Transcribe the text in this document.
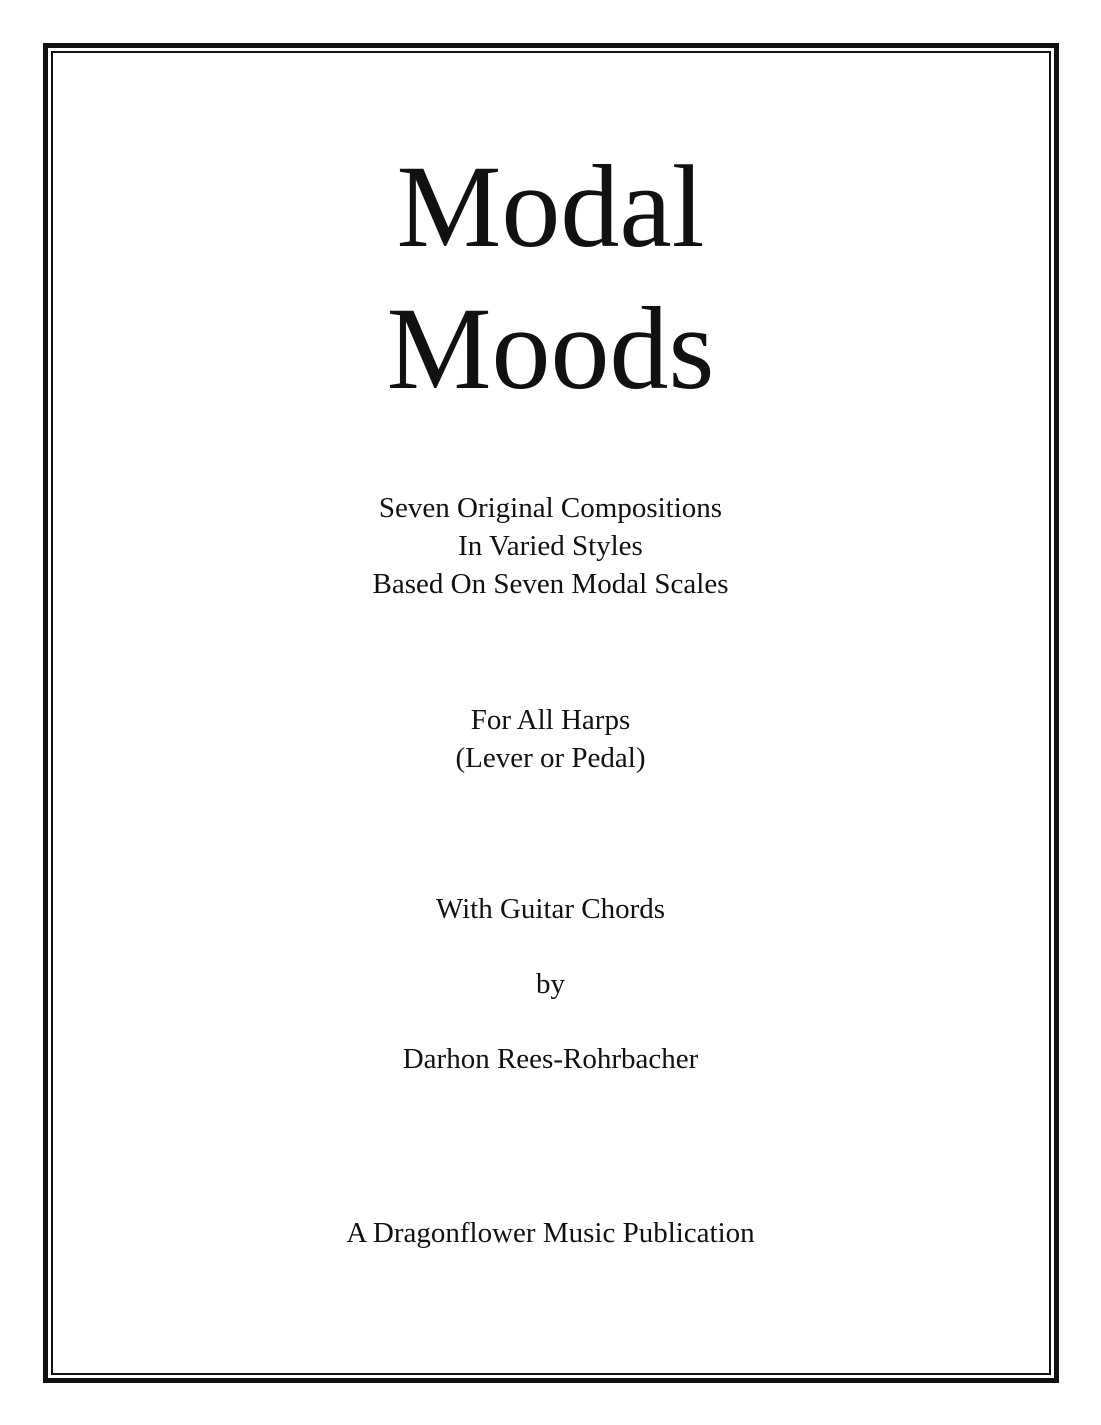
Modal
Moods
Seven Original Compositions
In Varied Styles
Based On Seven Modal Scales
For All Harps
(Lever or Pedal)
With Guitar Chords
by
Darhon Rees-Rohrbacher
A Dragonflower Music Publication
